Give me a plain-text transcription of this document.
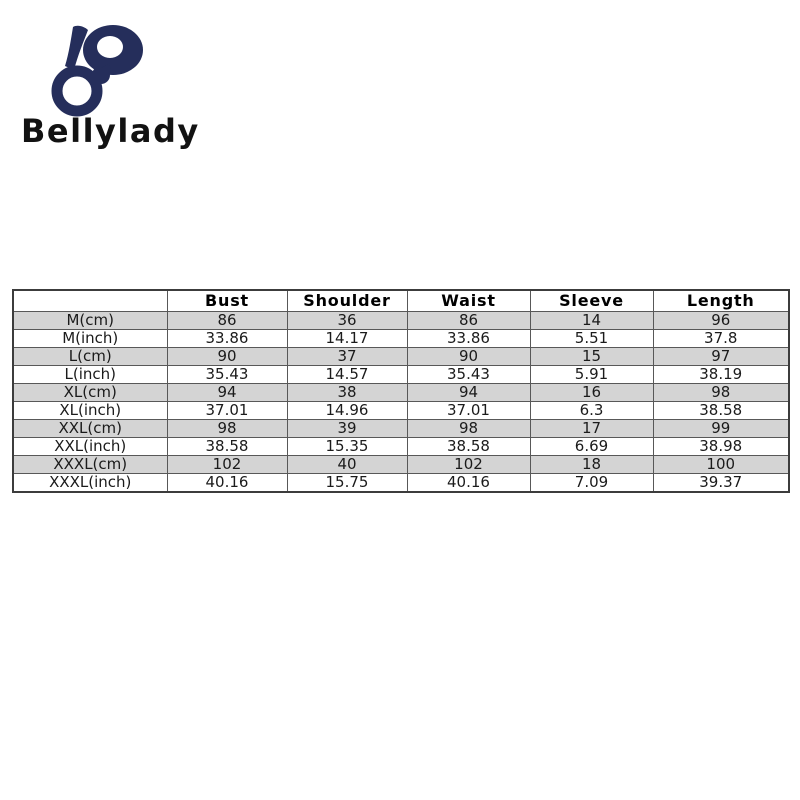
Bellylady
	Bust	Shoulder	Waist	Sleeve	Length
M(cm)	86	36	86	14	96
M(inch)	33.86	14.17	33.86	5.51	37.8
L(cm)	90	37	90	15	97
L(inch)	35.43	14.57	35.43	5.91	38.19
XL(cm)	94	38	94	16	98
XL(inch)	37.01	14.96	37.01	6.3	38.58
XXL(cm)	98	39	98	17	99
XXL(inch)	38.58	15.35	38.58	6.69	38.98
XXXL(cm)	102	40	102	18	100
XXXL(inch)	40.16	15.75	40.16	7.09	39.37
